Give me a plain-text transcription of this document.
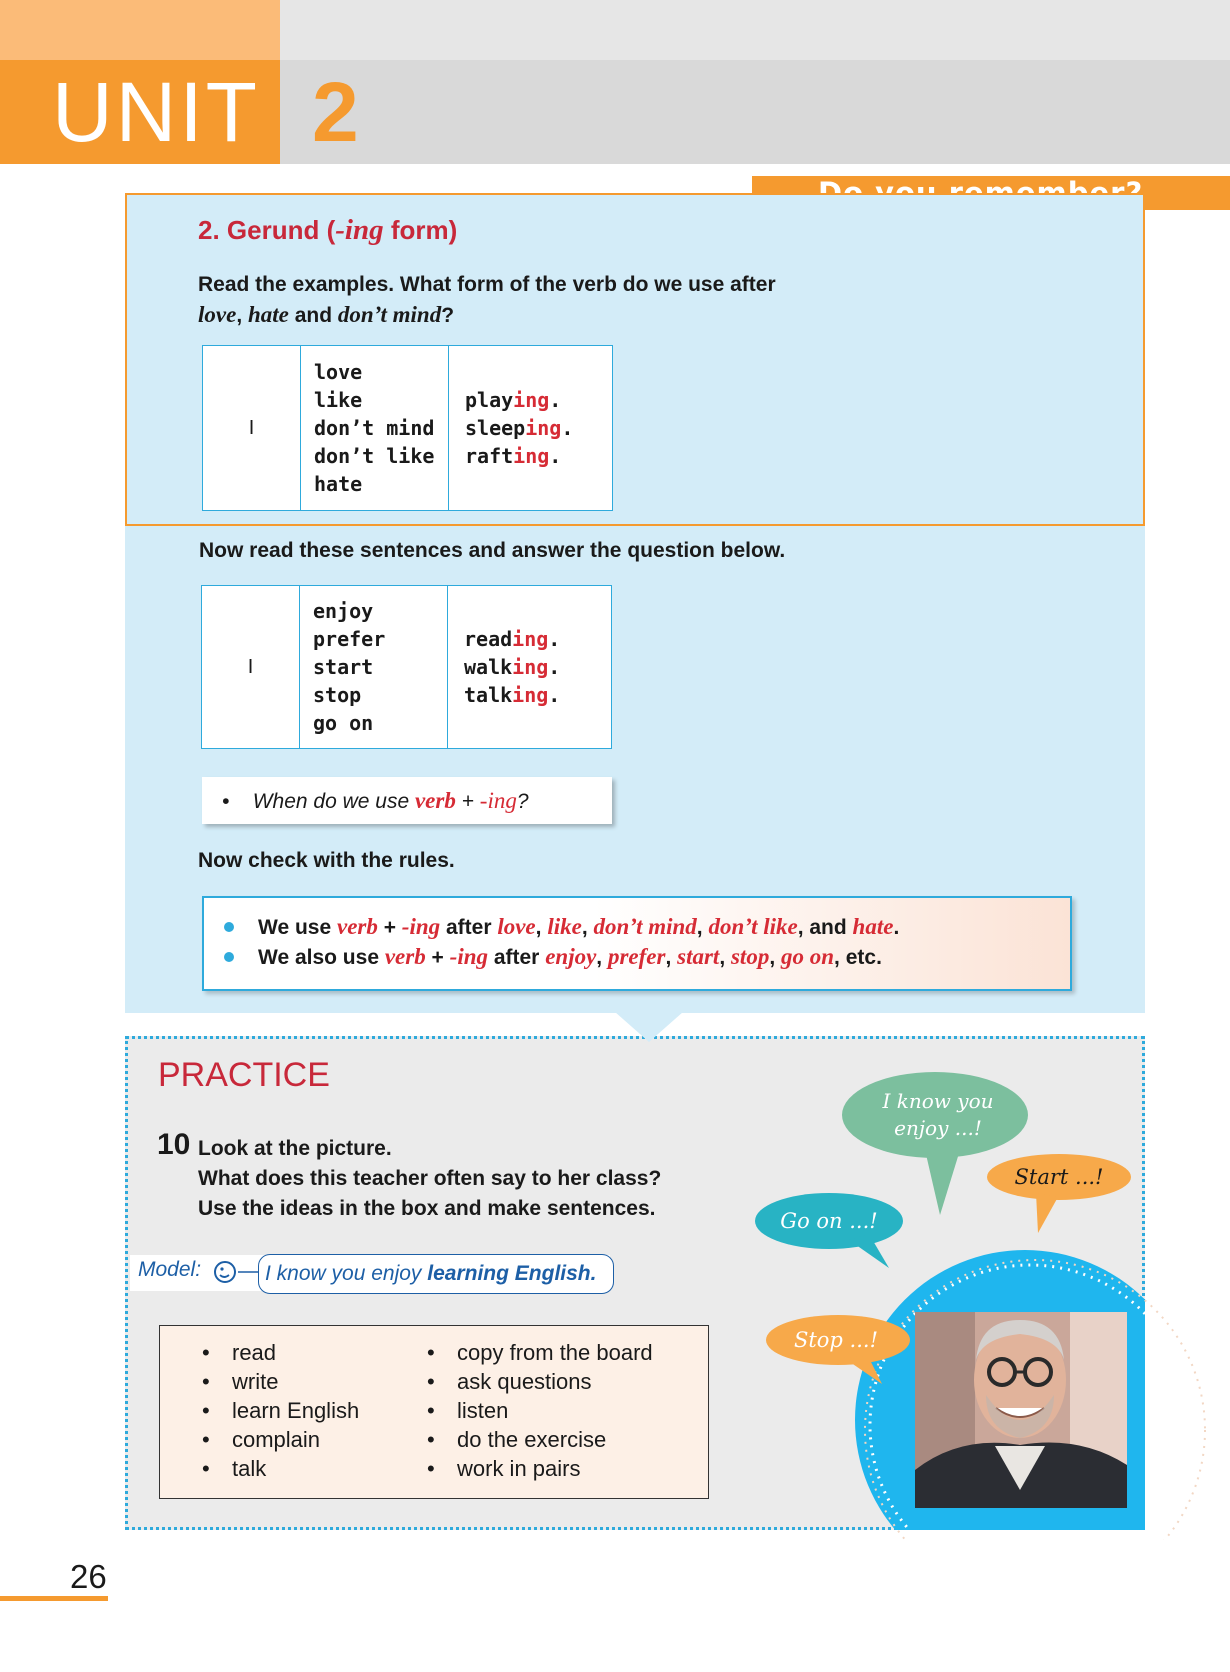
UNIT 2
2. Gerund (-ing form)
Read the examples. What form of the verb do we use after
love, hate and don’t mind?
I
love
like
don’t mind
don’t like
hate
playing.
sleeping.
rafting.
Now read these sentences and answer the question below.
I
enjoy
prefer
start
stop
go on
reading.
walking.
talking.
• When do we use verb + -ing?
Now check with the rules.
We use verb + -ing after love, like, don’t mind, don’t like, and hate.
We also use verb + -ing after enjoy, prefer, start, stop, go on, etc.
PRACTICE
10 Look at the picture.
What does this teacher often say to her class?
Use the ideas in the box and make sentences.
Model:	I know you enjoy learning English.
• read
• write
• learn English
• complain
• talk
• copy from the board
• ask questions
• listen
• do the exercise
• work in pairs
I know you
enjoy ...!
Start ...!
Go on ...!
Stop ...!
26
